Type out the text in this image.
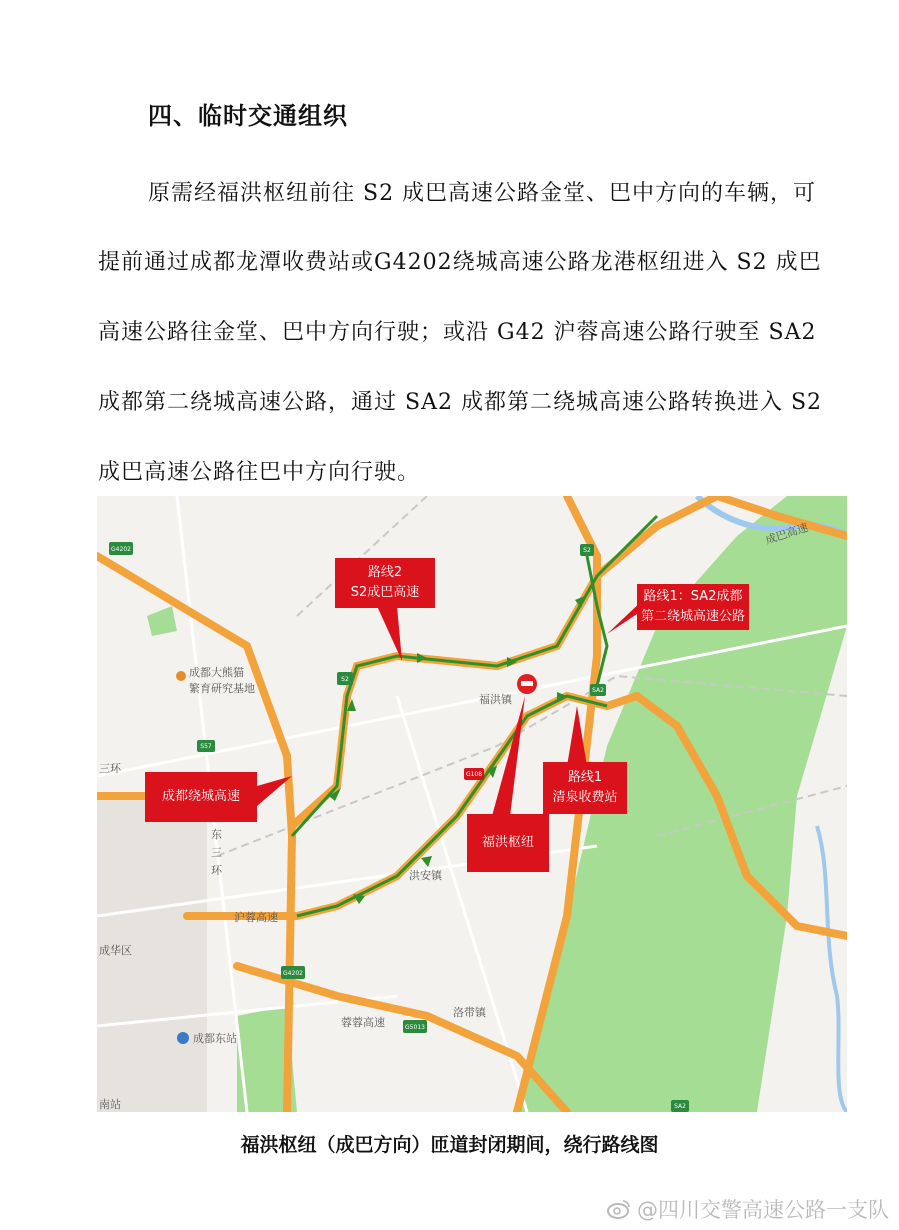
四、临时交通组织
原需经福洪枢纽前往 S2 成巴高速公路金堂、巴中方向的车辆，可
提前通过成都龙潭收费站或G4202绕城高速公路龙港枢纽进入 S2 成巴
高速公路往金堂、巴中方向行驶；或沿 G42 沪蓉高速公路行驶至 SA2
成都第二绕城高速公路，通过 SA2 成都第二绕城高速公路转换进入 S2
成巴高速公路往巴中方向行驶。
G4202
S2
S57
S2
SA2
G108
G4202
G5013
SA2
成都大熊猫
繁育研究基地
福洪镇
洪安镇
洛带镇
成华区
成都东站
沪蓉高速
成巴高速
三环
东
三
环
蓉蓉高速
南站
路线2
S2成巴高速	路线1：SA2成都
第二绕城高速公路
成都绕城高速
路线1
清泉收费站
福洪枢纽
福洪枢纽（成巴方向）匝道封闭期间，绕行路线图
@四川交警高速公路一支队
